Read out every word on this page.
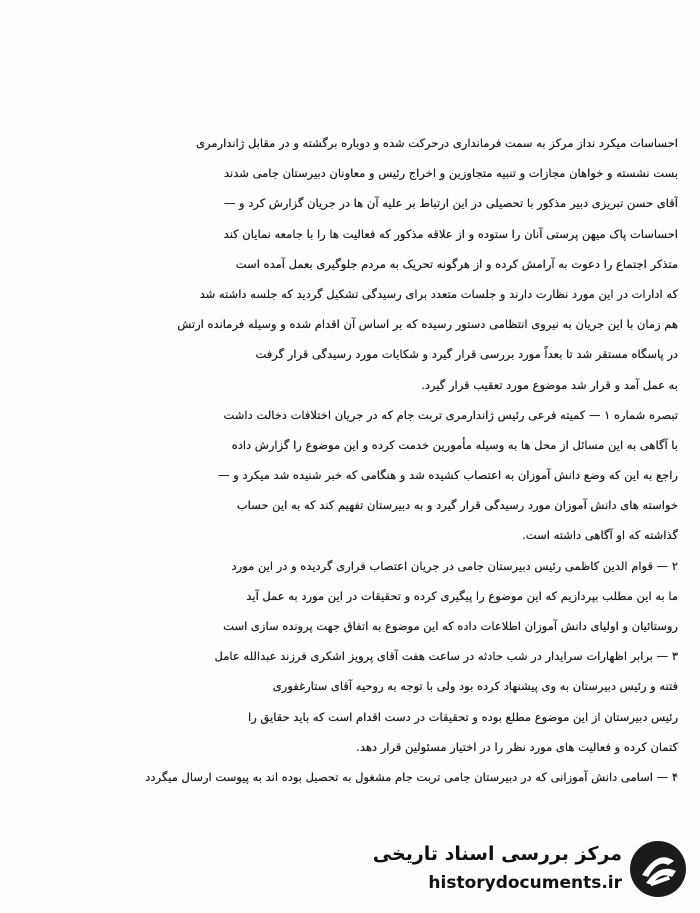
احساسات میکرد نداز مرکز به سمت فرمانداری درحرکت شده و دوباره برگشته و در مقابل ژاندارمری
بست نشسته و خواهان مجازات و تنبیه متجاوزین و اخراج رئیس و معاونان دبیرستان جامی شدند
آقای حسن تبریزی دبیر مذکور با تحصیلی در این ارتباط بر علیه آن ها در جریان گزارش کرد و —
احساسات پاک میهن پرستی آنان را ستوده و از علاقه مذکور که فعالیت ها را با جامعه نمایان کند
متذکر اجتماع را دعوت به آرامش کرده و از هرگونه تحریک به مردم جلوگیری بعمل آمده است
که ادارات در این مورد نظارت دارند و جلسات متعدد برای رسیدگی تشکیل گردید که جلسه داشته شد
هم زمان با این جریان به نیروی انتظامی دستور رسیده که بر اساس آن اقدام شده و وسیله فرمانده ارتش
در پاسگاه مستقر شد تا بعداً مورد بررسی قرار گیرد و شکایات مورد رسیدگی قرار گرفت
به عمل آمد و قرار شد موضوع مورد تعقیب قرار گیرد.
تبصره شماره ۱ — کمیته فرعی رئیس ژاندارمری تربت جام که در جریان اختلافات دخالت داشت
با آگاهی به این مسائل از محل ها به وسیله مأمورین خدمت کرده و این موضوع را گزارش داده
راجع به این که وضع دانش آموزان به اعتصاب کشیده شد و هنگامی که خبر شنیده شد میکرد و —
خواسته های دانش آموزان مورد رسیدگی قرار گیرد و به دبیرستان تفهیم کند که به این حساب
گذاشته که او آگاهی داشته است.
۲ — قوام الدین کاظمی رئیس دبیرستان جامی در جریان اعتصاب فراری گردیده و در این مورد
ما به این مطلب بپردازیم که این موضوع را پیگیری کرده و تحقیقات در این مورد به عمل آید
روستائیان و اولیای دانش آموزان اطلاعات داده که این موضوع به اتفاق جهت پرونده سازی است
۳ — برابر اظهارات سرایدار در شب حادثه در ساعت هفت آقای پرویز اشکری فرزند عبدالله عامل
فتنه و رئیس دبیرستان به وی پیشنهاد کرده بود ولی با توجه به روحیه آقای ستارغفوری
رئیس دبیرستان از این موضوع مطلع بوده و تحقیقات در دست اقدام است که باید حقایق را
کتمان کرده و فعالیت های مورد نظر را در اختیار مسئولین قرار دهد.
۴ — اسامی دانش آموزانی که در دبیرستان جامی تربت جام مشغول به تحصیل بوده اند به پیوست ارسال میگردد
مرکز بررسی اسناد تاریخی
historydocuments.ir
